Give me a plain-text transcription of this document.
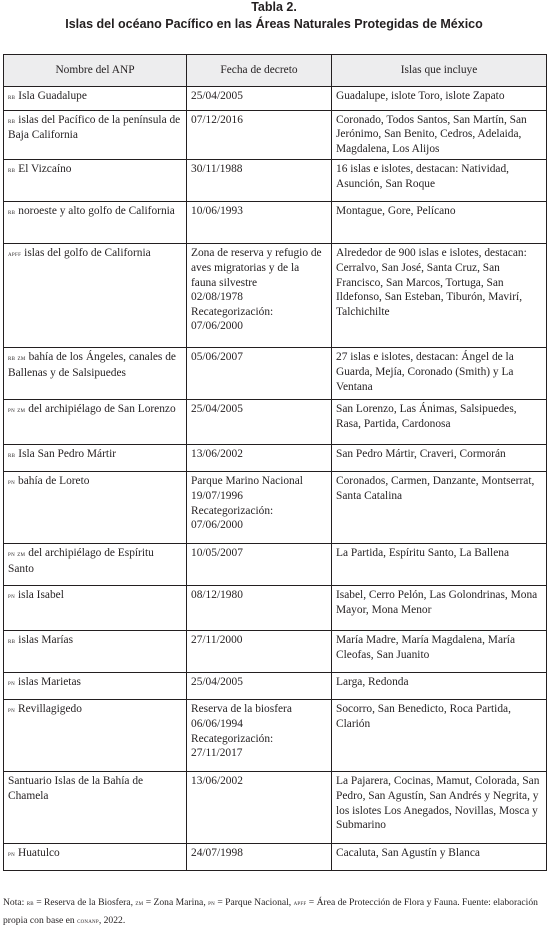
Tabla 2.
Islas del océano Pacífico en las Áreas Naturales Protegidas de México
Nombre del ANP	Fecha de decreto	Islas que incluye
rb Isla Guadalupe	25/04/2005	Guadalupe, islote Toro, islote Zapato
rb islas del Pacífico de la península de Baja California	07/12/2016	Coronado, Todos Santos, San Martín, San Jerónimo, San Benito, Cedros, Adelaida, Magdalena, Los Alijos
rb El Vizcaíno	30/11/1988	16 islas e islotes, destacan: Natividad, Asunción, San Roque
rb noroeste y alto golfo de California	10/06/1993	Montague, Gore, Pelícano
apff islas del golfo de California	Zona de reserva y refugio de aves migratorias y de la fauna silvestre
02/08/1978
Recategorización:
07/06/2000	Alrededor de 900 islas e islotes, destacan: Cerralvo, San José, Santa Cruz, San Francisco, San Marcos, Tortuga, San Ildefonso, San Esteban, Tiburón, Mavirí, Talchichilte
rb zm bahía de los Ángeles, canales de Ballenas y de Salsipuedes	05/06/2007	27 islas e islotes, destacan: Ángel de la Guarda, Mejía, Coronado (Smith) y La Ventana
pn zm del archipiélago de San Lorenzo	25/04/2005	San Lorenzo, Las Ánimas, Salsipuedes, Rasa, Partida, Cardonosa
rb Isla San Pedro Mártir	13/06/2002	San Pedro Mártir, Craveri, Cormorán
pn bahía de Loreto	Parque Marino Nacional
19/07/1996
Recategorización:
07/06/2000	Coronados, Carmen, Danzante, Montserrat, Santa Catalina
pn zm del archipiélago de Espíritu Santo	10/05/2007	La Partida, Espíritu Santo, La Ballena
pn isla Isabel	08/12/1980	Isabel, Cerro Pelón, Las Golondrinas, Mona Mayor, Mona Menor
rb islas Marías	27/11/2000	María Madre, María Magdalena, María Cleofas, San Juanito
pn islas Marietas	25/04/2005	Larga, Redonda
pn Revillagigedo	Reserva de la biosfera
06/06/1994
Recategorización:
27/11/2017	Socorro, San Benedicto, Roca Partida, Clarión
Santuario Islas de la Bahía de Chamela	13/06/2002	La Pajarera, Cocinas, Mamut, Colorada, San Pedro, San Agustín, San Andrés y Negrita, y los islotes Los Anegados, Novillas, Mosca y Submarino
pn Huatulco	24/07/1998	Cacaluta, San Agustín y Blanca
Nota: rb = Reserva de la Biosfera, zm = Zona Marina, pn = Parque Nacional, apff = Área de Protección de Flora y Fauna. Fuente: elaboración propia con base en conanp, 2022.
